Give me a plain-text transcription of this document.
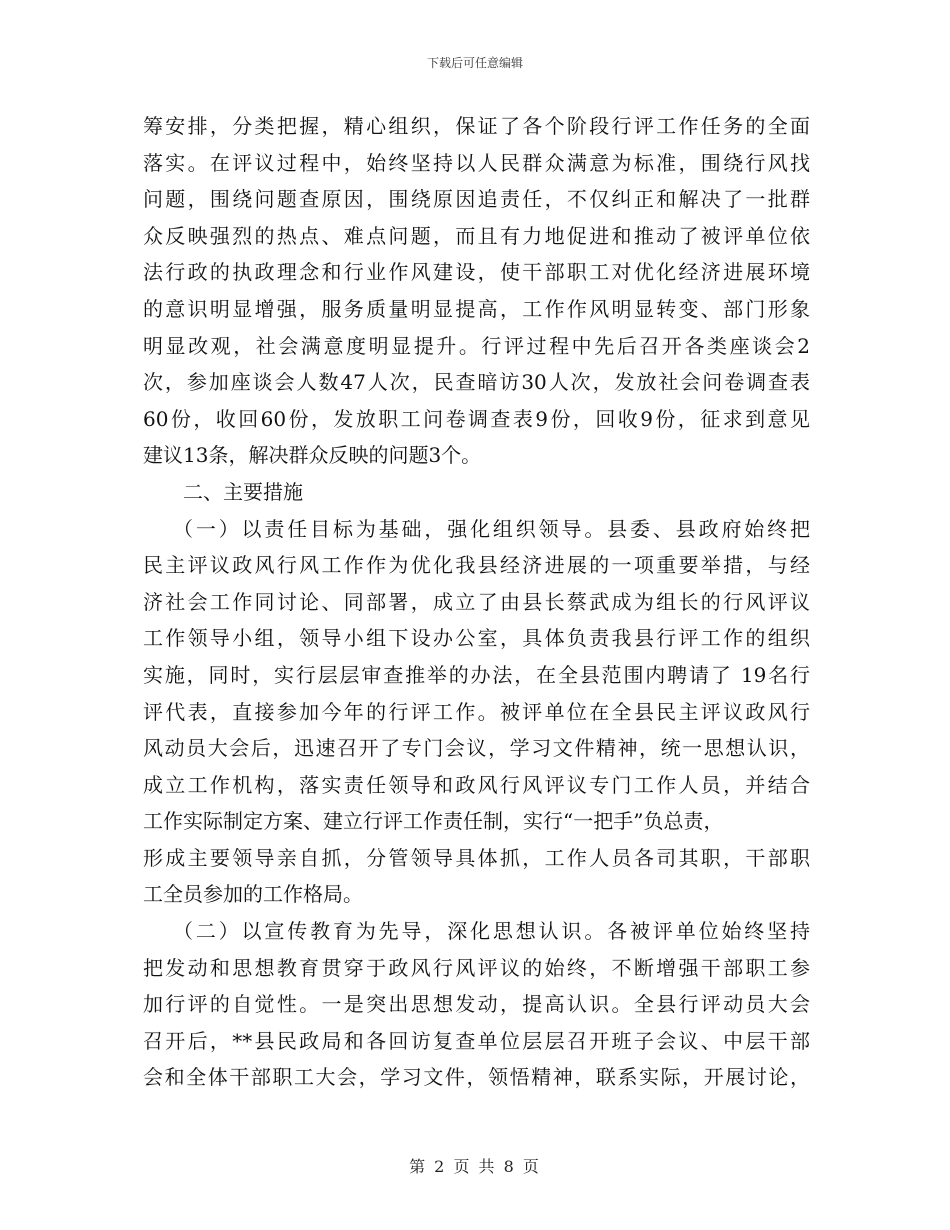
下载后可任意编辑
筹安排，分类把握，精心组织，保证了各个阶段行评工作任务的全面
落实。在评议过程中，始终坚持以人民群众满意为标准，围绕行风找
问题，围绕问题查原因，围绕原因追责任，不仅纠正和解决了一批群
众反映强烈的热点、难点问题，而且有力地促进和推动了被评单位依
法行政的执政理念和行业作风建设，使干部职工对优化经济进展环境
的意识明显增强，服务质量明显提高，工作作风明显转变、部门形象
明显改观，社会满意度明显提升。行评过程中先后召开各类座谈会2
次，参加座谈会人数47人次，民查暗访30人次，发放社会问卷调查表
60份，收回60份，发放职工问卷调查表9份，回收9份，征求到意见
建议13条，解决群众反映的问题3个。
二、主要措施
（一）以责任目标为基础，强化组织领导。县委、县政府始终把
民主评议政风行风工作作为优化我县经济进展的一项重要举措，与经
济社会工作同讨论、同部署，成立了由县长蔡武成为组长的行风评议
工作领导小组，领导小组下设办公室，具体负责我县行评工作的组织
实施，同时，实行层层审查推举的办法，在全县范围内聘请了 19名行
评代表，直接参加今年的行评工作。被评单位在全县民主评议政风行
风动员大会后，迅速召开了专门会议，学习文件精神，统一思想认识，
成立工作机构，落实责任领导和政风行风评议专门工作人员，并结合
工作实际制定方案、建立行评工作责任制，实行“一把手”负总责，
形成主要领导亲自抓，分管领导具体抓，工作人员各司其职，干部职
工全员参加的工作格局。
（二）以宣传教育为先导，深化思想认识。各被评单位始终坚持
把发动和思想教育贯穿于政风行风评议的始终，不断增强干部职工参
加行评的自觉性。一是突出思想发动，提高认识。全县行评动员大会
召开后，**县民政局和各回访复查单位层层召开班子会议、中层干部
会和全体干部职工大会，学习文件，领悟精神，联系实际，开展讨论，
第 2 页 共 8 页
